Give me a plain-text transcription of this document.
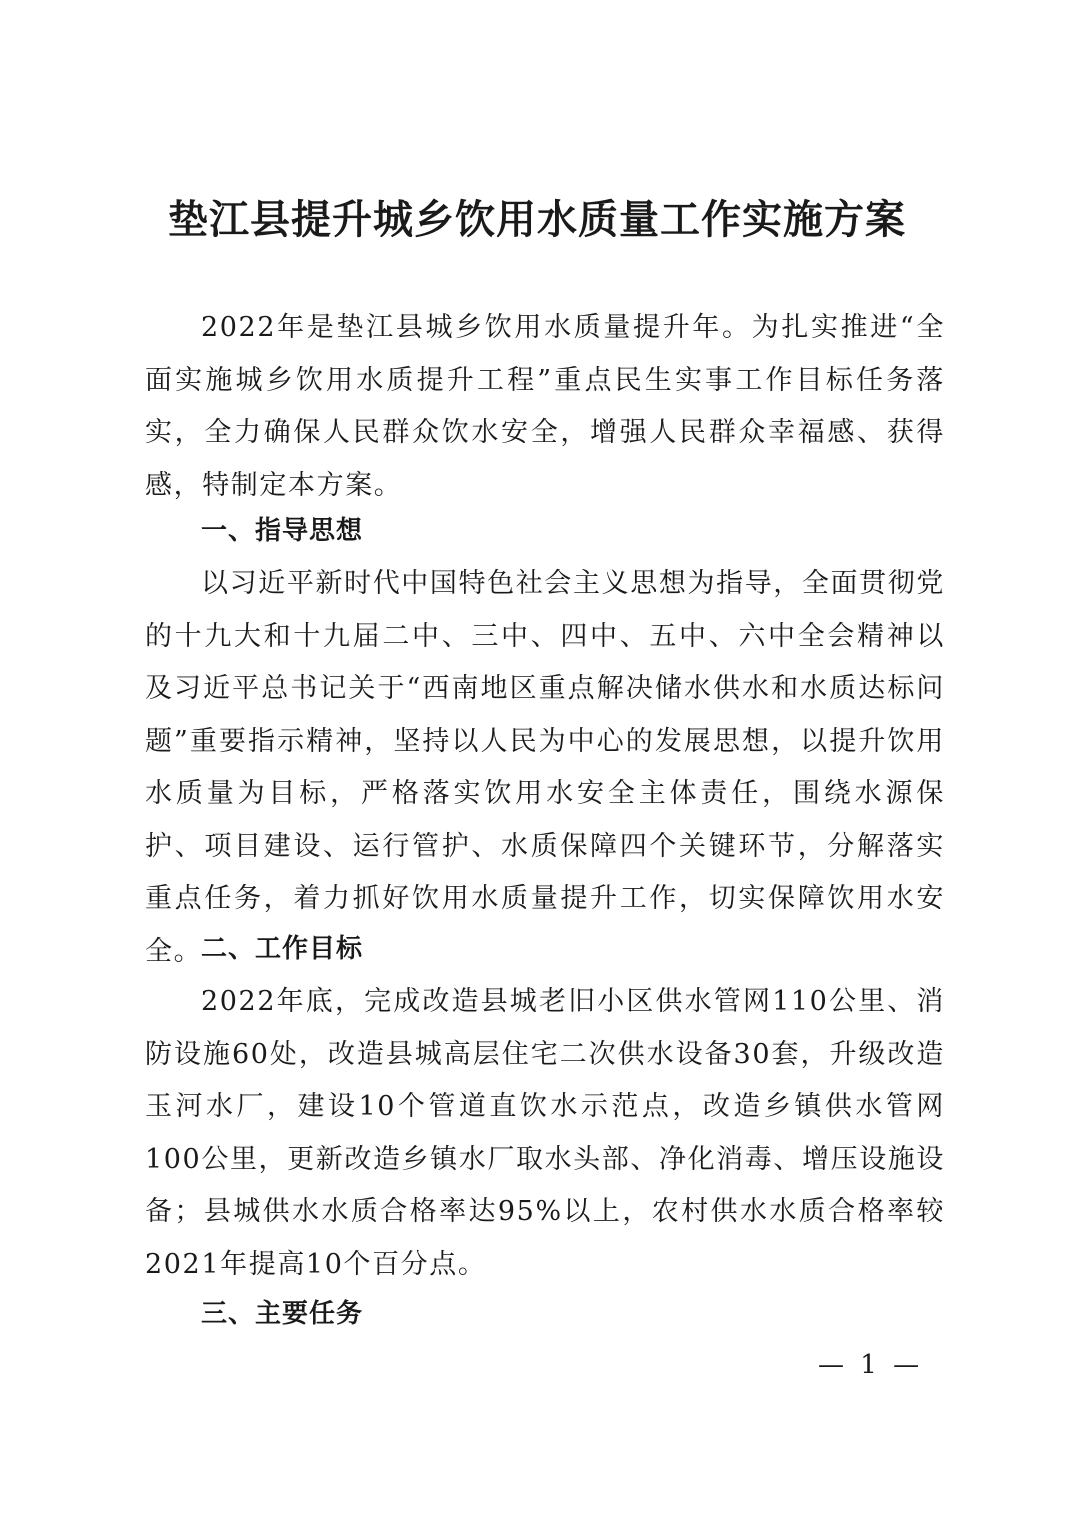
垫江县提升城乡饮用水质量工作实施方案

2022年是垫江县城乡饮用水质量提升年。为扎实推进“全面实施城乡饮用水质提升工程”重点民生实事工作目标任务落实，全力确保人民群众饮水安全，增强人民群众幸福感、获得感，特制定本方案。

一、指导思想

以习近平新时代中国特色社会主义思想为指导，全面贯彻党的十九大和十九届二中、三中、四中、五中、六中全会精神以及习近平总书记关于“西南地区重点解决储水供水和水质达标问题”重要指示精神，坚持以人民为中心的发展思想，以提升饮用水质量为目标，严格落实饮用水安全主体责任，围绕水源保护、项目建设、运行管护、水质保障四个关键环节，分解落实重点任务，着力抓好饮用水质量提升工作，切实保障饮用水安全。

二、工作目标

2022年底，完成改造县城老旧小区供水管网110公里、消防设施60处，改造县城高层住宅二次供水设备30套，升级改造玉河水厂，建设10个管道直饮水示范点，改造乡镇供水管网100公里，更新改造乡镇水厂取水头部、净化消毒、增压设施设备；县城供水水质合格率达95%以上，农村供水水质合格率较2021年提高10个百分点。

三、主要任务

— 1 —
